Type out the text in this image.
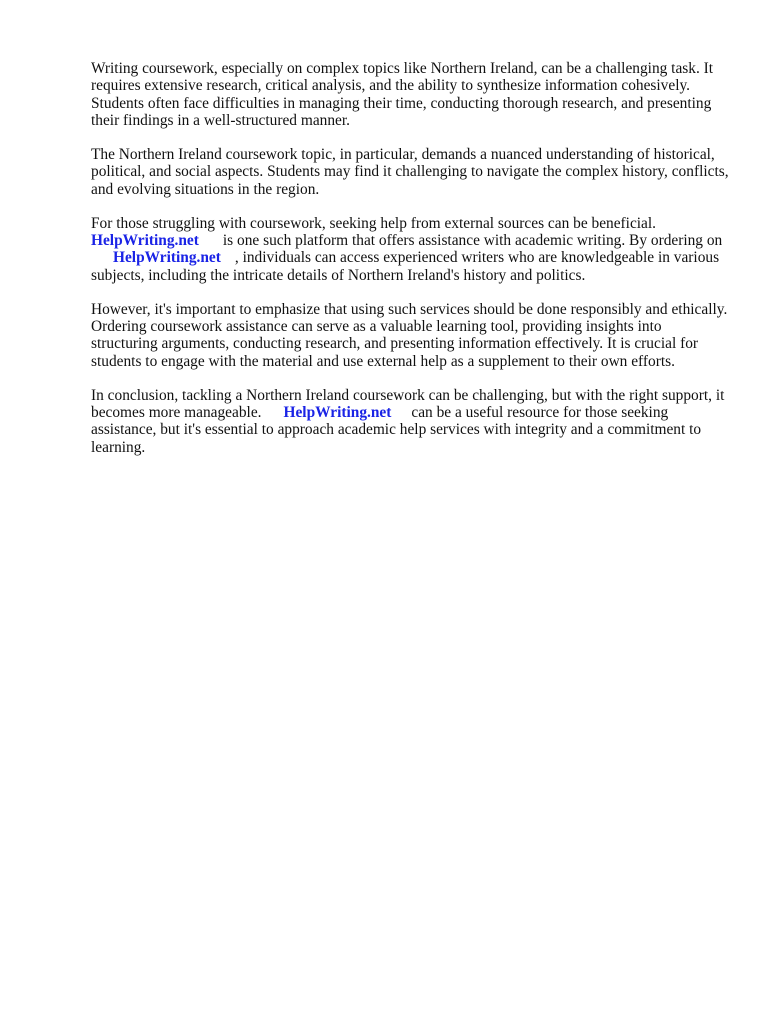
Writing coursework, especially on complex topics like Northern Ireland, can be a challenging task. It requires extensive research, critical analysis, and the ability to synthesize information cohesively. Students often face difficulties in managing their time, conducting thorough research, and presenting their findings in a well-structured manner.

The Northern Ireland coursework topic, in particular, demands a nuanced understanding of historical, political, and social aspects. Students may find it challenging to navigate the complex history, conflicts, and evolving situations in the region.

For those struggling with coursework, seeking help from external sources can be beneficial. HelpWriting.net is one such platform that offers assistance with academic writing. By ordering onHelpWriting.net , individuals can access experienced writers who are knowledgeable in various subjects, including the intricate details of Northern Ireland's history and politics.

However, it's important to emphasize that using such services should be done responsibly and ethically. Ordering coursework assistance can serve as a valuable learning tool, providing insights into structuring arguments, conducting research, and presenting information effectively. It is crucial for students to engage with the material and use external help as a supplement to their own efforts.

In conclusion, tackling a Northern Ireland coursework can be challenging, but with the right support, it becomes more manageable. HelpWriting.net can be a useful resource for those seeking assistance, but it's essential to approach academic help services with integrity and a commitment to learning.
